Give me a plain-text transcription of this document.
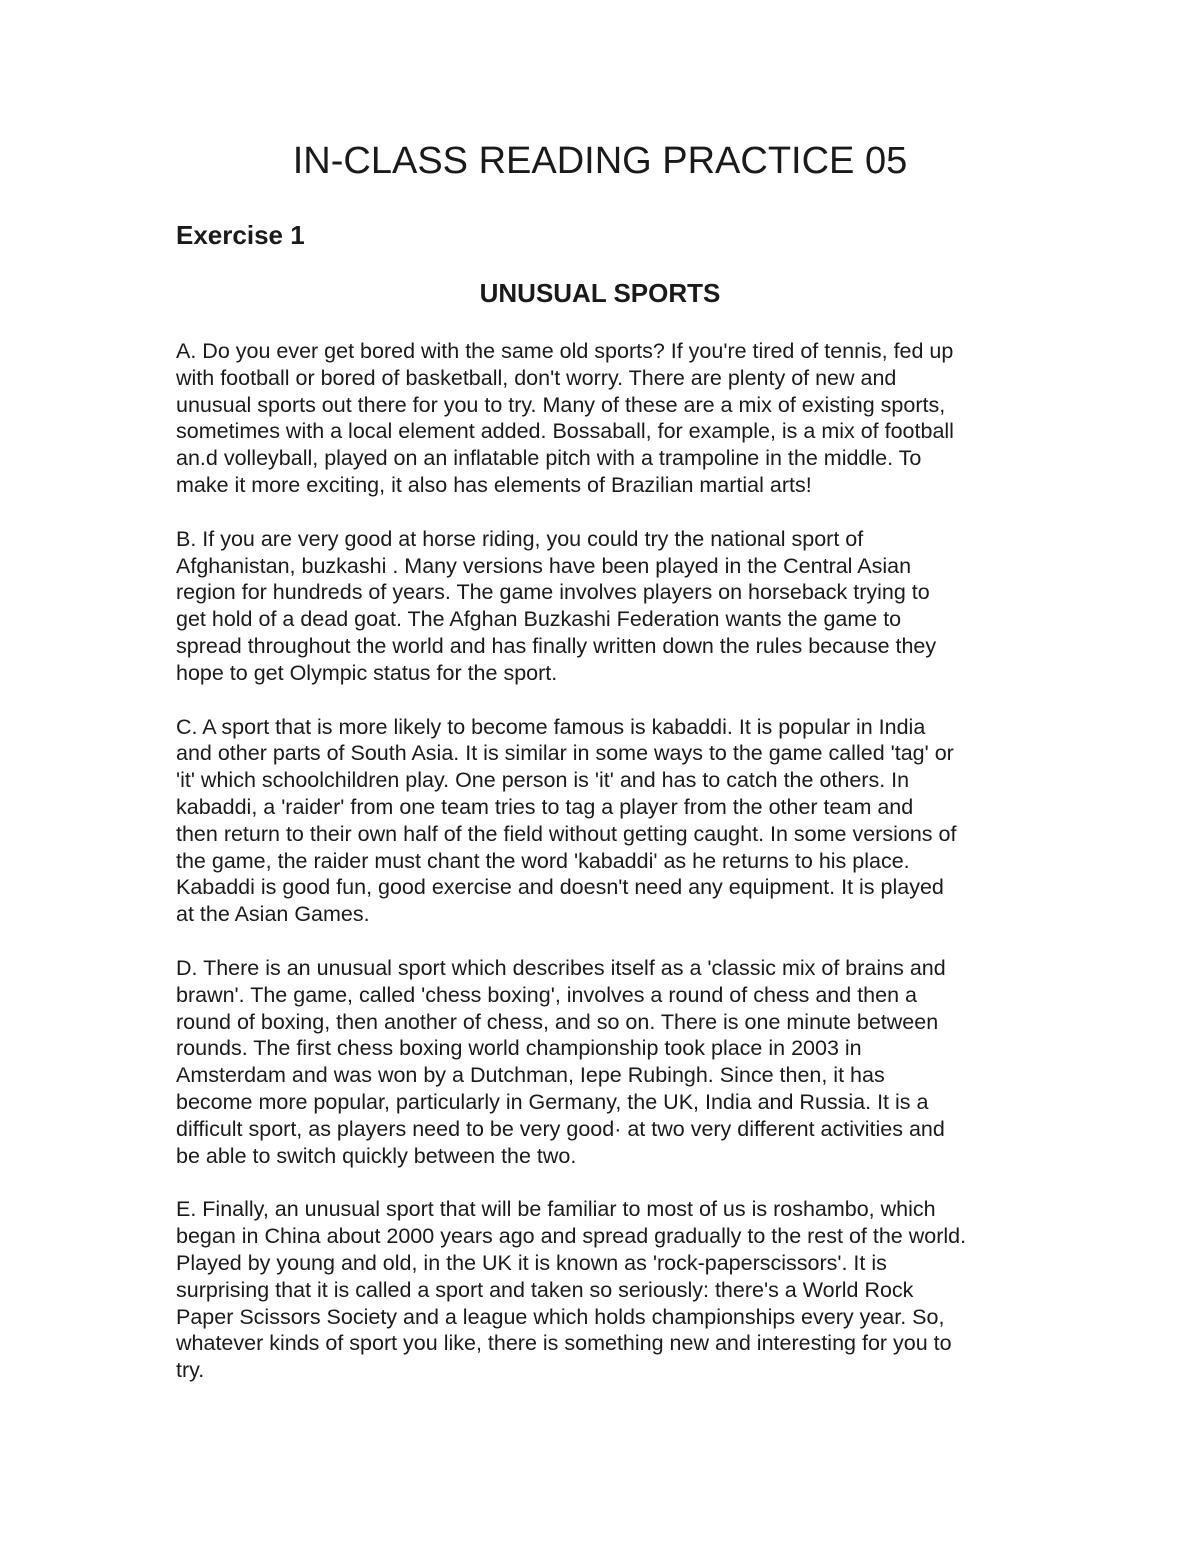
IN-CLASS READING PRACTICE 05
Exercise 1
UNUSUAL SPORTS

A. Do you ever get bored with the same old sports? If you're tired of tennis, fed up
with football or bored of basketball, don't worry. There are plenty of new and
unusual sports out there for you to try. Many of these are a mix of existing sports,
sometimes with a local element added. Bossaball, for example, is a mix of football
an.d volleyball, played on an inflatable pitch with a trampoline in the middle. To
make it more exciting, it also has elements of Brazilian martial arts!

B. If you are very good at horse riding, you could try the national sport of
Afghanistan, buzkashi . Many versions have been played in the Central Asian
region for hundreds of years. The game involves players on horseback trying to
get hold of a dead goat. The Afghan Buzkashi Federation wants the game to
spread throughout the world and has finally written down the rules because they
hope to get Olympic status for the sport.

C. A sport that is more likely to become famous is kabaddi. It is popular in India
and other parts of South Asia. It is similar in some ways to the game called 'tag' or
'it' which schoolchildren play. One person is 'it' and has to catch the others. In
kabaddi, a 'raider' from one team tries to tag a player from the other team and
then return to their own half of the field without getting caught. In some versions of
the game, the raider must chant the word 'kabaddi' as he returns to his place.
Kabaddi is good fun, good exercise and doesn't need any equipment. It is played
at the Asian Games.

D. There is an unusual sport which describes itself as a 'classic mix of brains and
brawn'. The game, called 'chess boxing', involves a round of chess and then a
round of boxing, then another of chess, and so on. There is one minute between
rounds. The first chess boxing world championship took place in 2003 in
Amsterdam and was won by a Dutchman, Iepe Rubingh. Since then, it has
become more popular, particularly in Germany, the UK, India and Russia. It is a
difficult sport, as players need to be very good· at two very different activities and
be able to switch quickly between the two.

E. Finally, an unusual sport that will be familiar to most of us is roshambo, which
began in China about 2000 years ago and spread gradually to the rest of the world.
Played by young and old, in the UK it is known as 'rock-paperscissors'. It is
surprising that it is called a sport and taken so seriously: there's a World Rock
Paper Scissors Society and a league which holds championships every year. So,
whatever kinds of sport you like, there is something new and interesting for you to
try.
